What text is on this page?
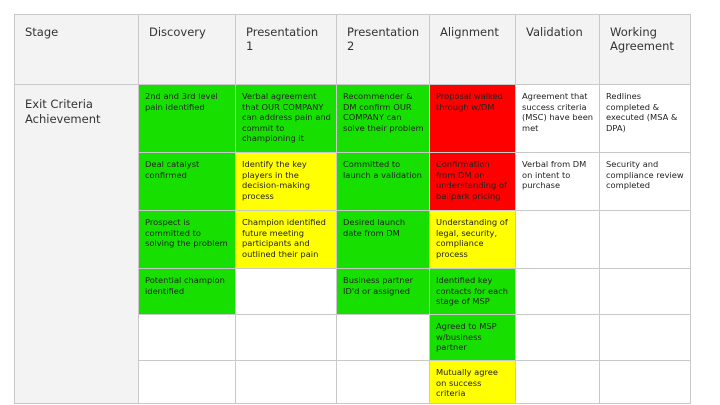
Stage	Discovery	Presentation 1	Presentation 2	Alignment	Validation	Working Agreement

Exit Criteria Achievement	2nd and 3rd level pain identified	Verbal agreement that OUR COMPANY can address pain and commit to championing it	Recommender & DM confirm OUR COMPANY can solve their problem	Proposal walked through w/DM	Agreement that success criteria (MSC) have been met	Redlines completed & executed (MSA & DPA)

	Deal catalyst confirmed	Identify the key players in the decision-making process	Committed to launch a validation	Confirmation from DM on understanding of ballpark pricing	Verbal from DM on intent to purchase	Security and compliance review completed

	Prospect is committed to solving the problem	Champion identified future meeting participants and outlined their pain	Desired launch date from DM	Understanding of legal, security, compliance process		

	Potential champion identified		Business partner ID'd or assigned	Identified key contacts for each stage of MSP		

				Agreed to MSP w/business partner		

				Mutually agree on success criteria		
